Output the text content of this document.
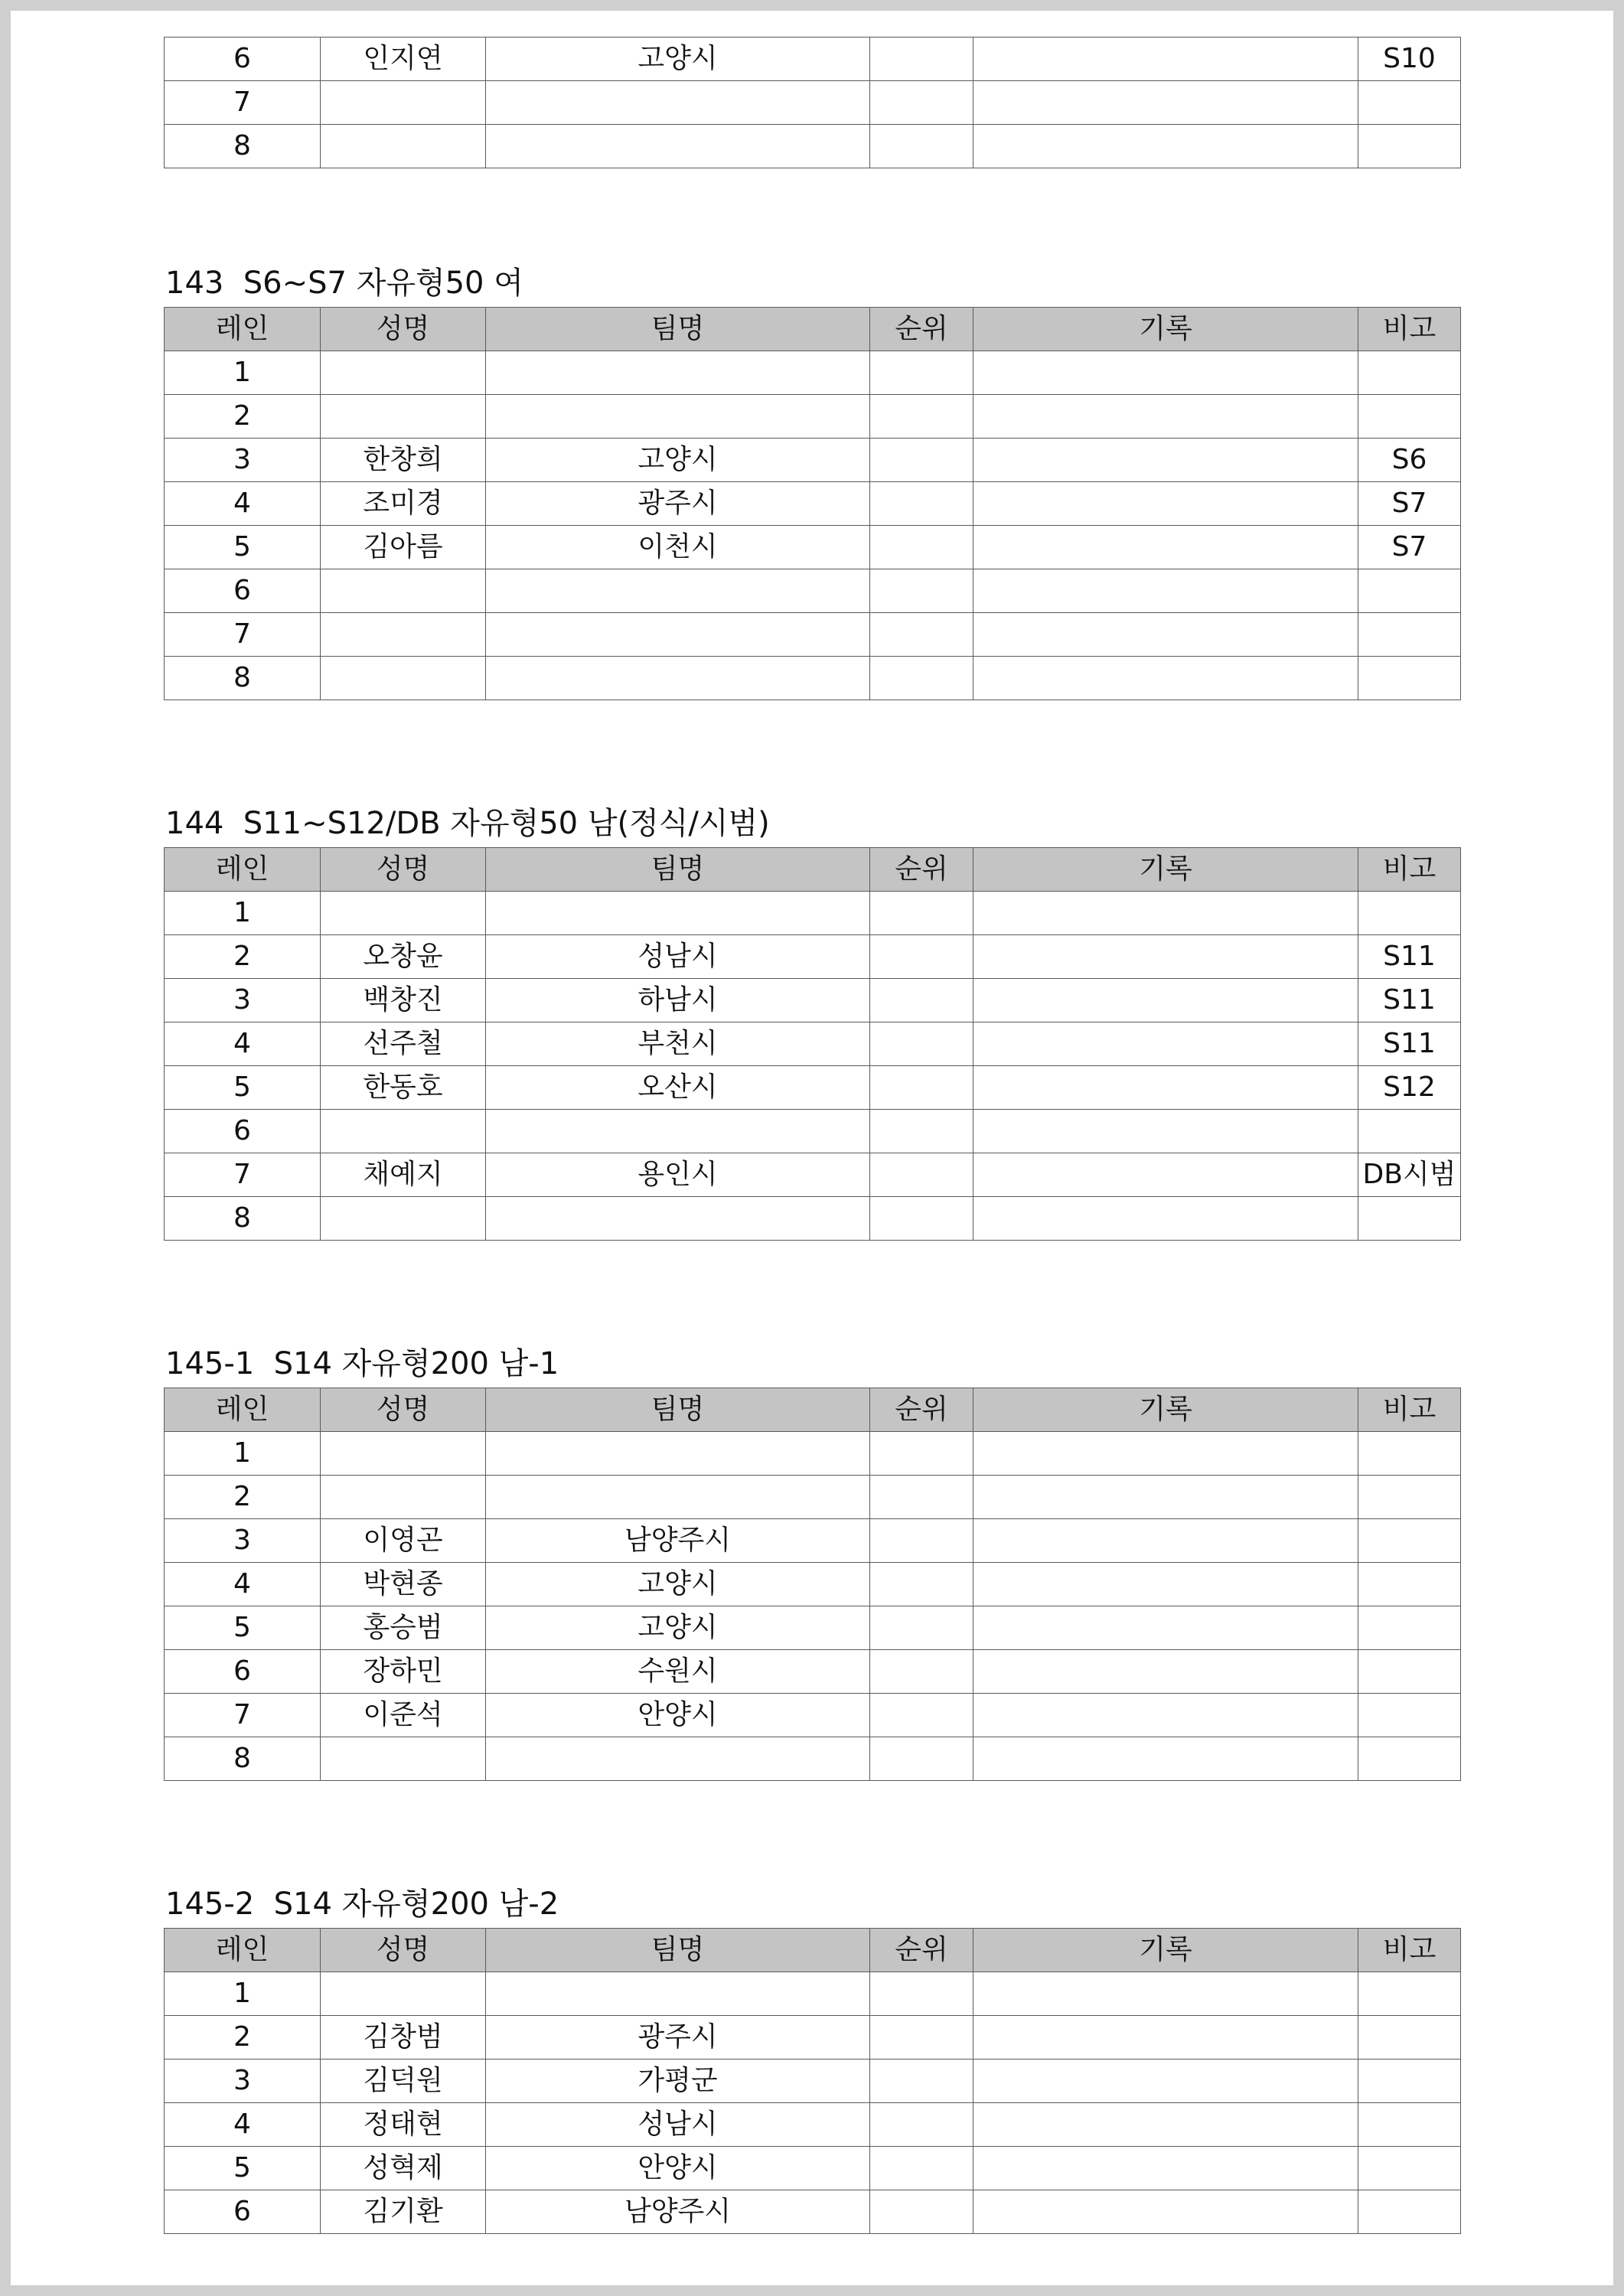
6	인지연	고양시			S10
7					
8					
143  S6~S7 자유형50 여
레인	성명	팀명	순위	기록	비고
1					
2					
3	한창희	고양시			S6
4	조미경	광주시			S7
5	김아름	이천시			S7
6					
7					
8					
144  S11~S12/DB 자유형50 남(정식/시범)
레인	성명	팀명	순위	기록	비고
1					
2	오창윤	성남시			S11
3	백창진	하남시			S11
4	선주철	부천시			S11
5	한동호	오산시			S12
6					
7	채예지	용인시			DB시범
8					
145-1  S14 자유형200 남-1
레인	성명	팀명	순위	기록	비고
1					
2					
3	이영곤	남양주시			
4	박현종	고양시			
5	홍승범	고양시			
6	장하민	수원시			
7	이준석	안양시			
8					
145-2  S14 자유형200 남-2
레인	성명	팀명	순위	기록	비고
1					
2	김창범	광주시			
3	김덕원	가평군			
4	정태현	성남시			
5	성혁제	안양시			
6	김기환	남양주시			
